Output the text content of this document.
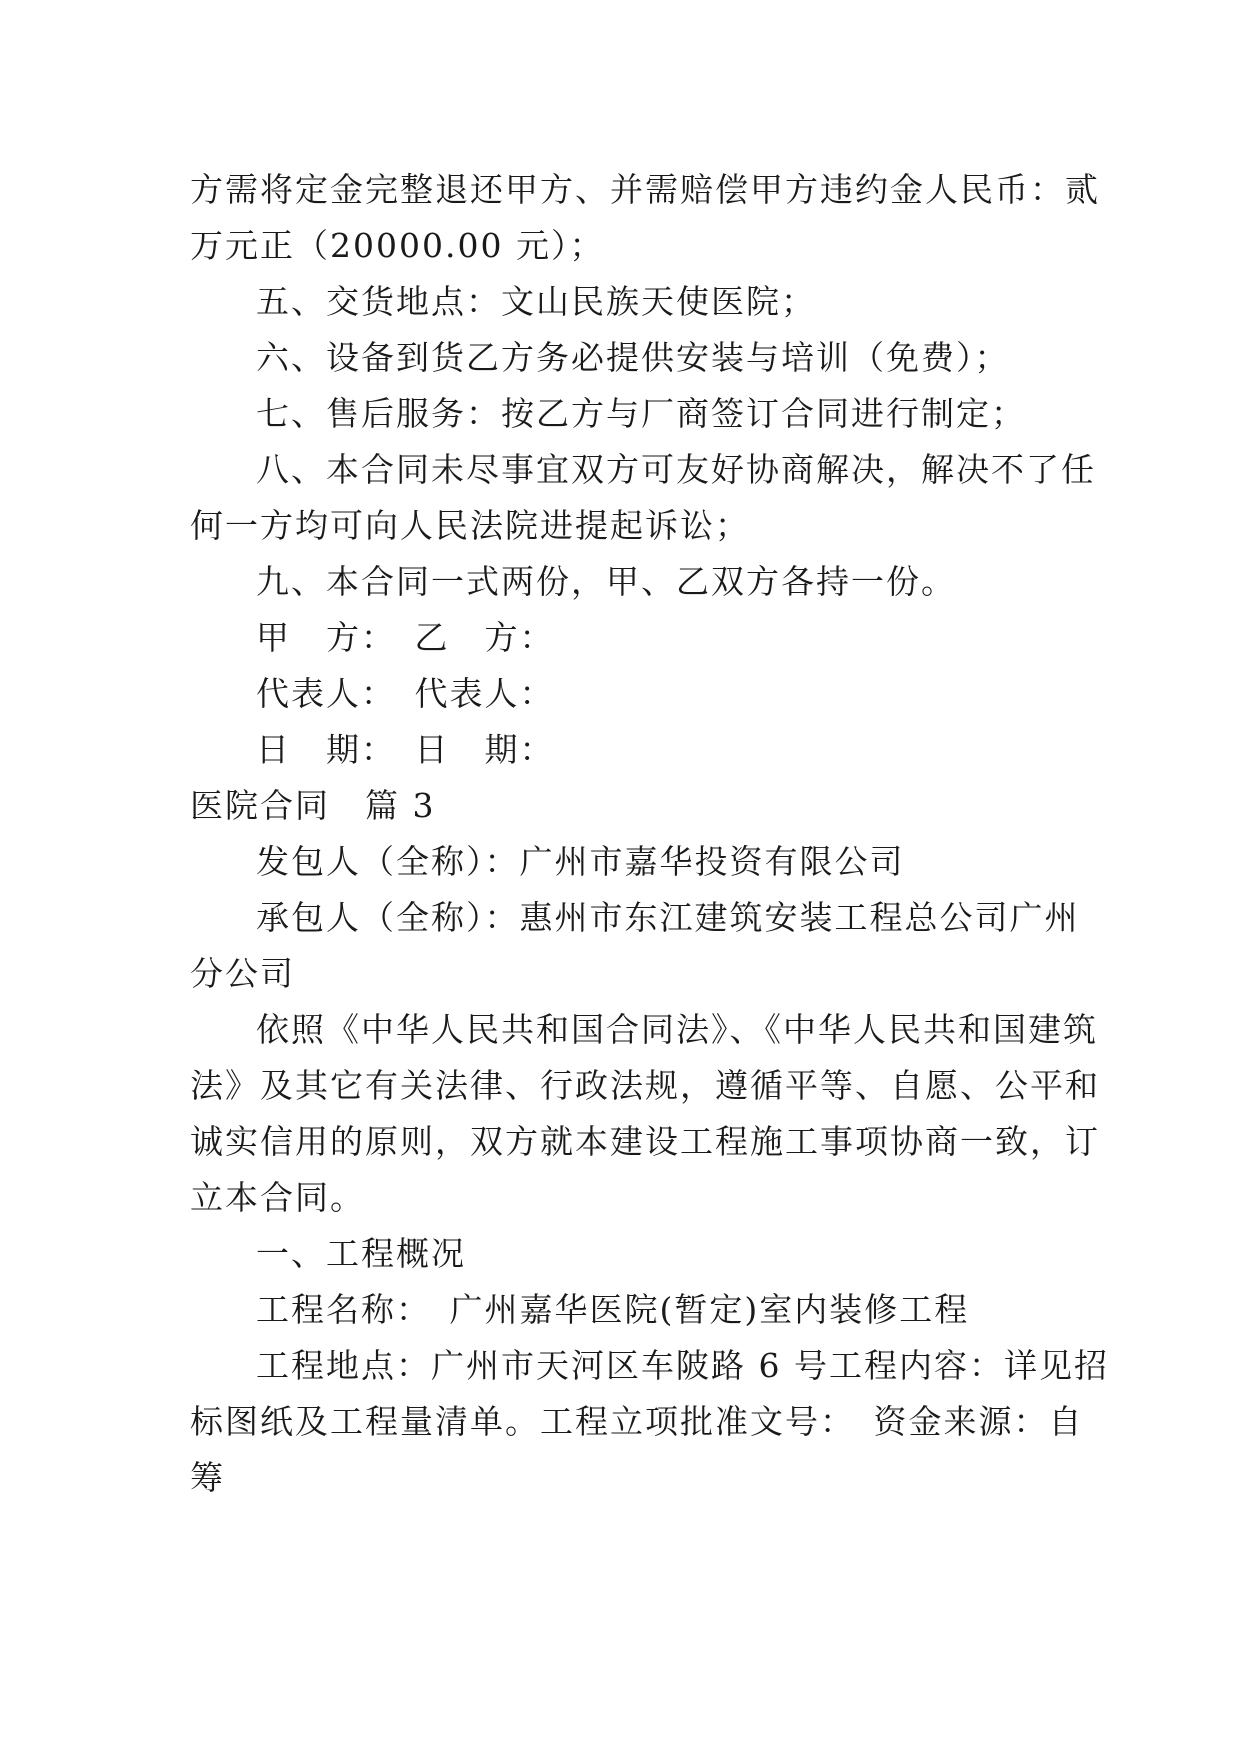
方需将定金完整退还甲方、并需赔偿甲方违约金人民币：贰
万元正（20000.00 元）；
五、交货地点：文山民族天使医院；
六、设备到货乙方务必提供安装与培训（免费）；
七、售后服务：按乙方与厂商签订合同进行制定；
八、本合同未尽事宜双方可友好协商解决，解决不了任
何一方均可向人民法院进提起诉讼；
九、本合同一式两份，甲、乙双方各持一份。
甲　方：　乙　方：
代表人：　代表人：
日　期：　日　期：
医院合同　篇 3
发包人（全称）：广州市嘉华投资有限公司
承包人（全称）：惠州市东江建筑安装工程总公司广州
分公司
依照《中华人民共和国合同法》、《中华人民共和国建筑
法》及其它有关法律、行政法规，遵循平等、自愿、公平和
诚实信用的原则，双方就本建设工程施工事项协商一致，订
立本合同。
一、工程概况
工程名称：　广州嘉华医院(暂定)室内装修工程
工程地点：广州市天河区车陂路 6 号工程内容：详见招
标图纸及工程量清单。工程立项批准文号：　资金来源：自
筹
